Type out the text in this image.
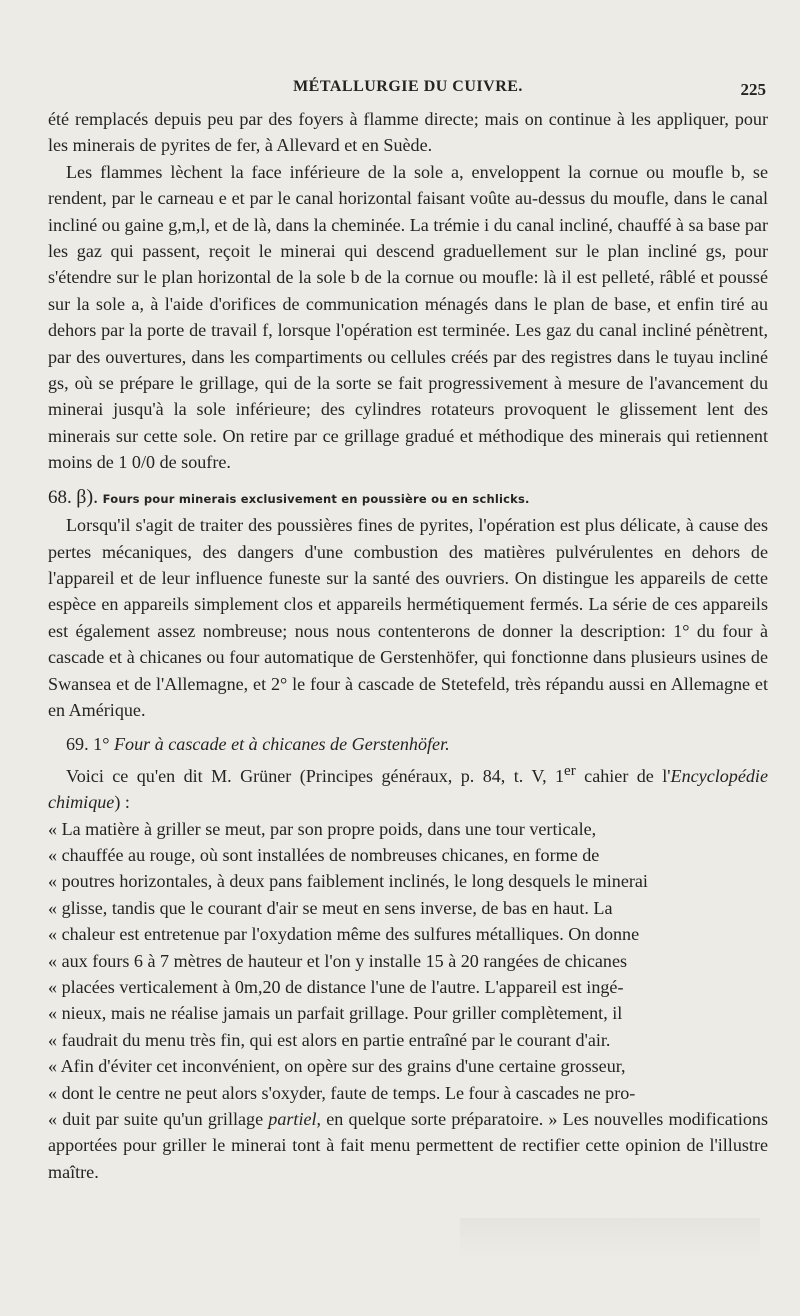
MÉTALLURGIE DU CUIVRE.	225

été remplacés depuis peu par des foyers à flamme directe; mais on continue à les appliquer, pour les minerais de pyrites de fer, à Allevard et en Suède.

Les flammes lèchent la face inférieure de la sole a, enveloppent la cornue ou moufle b, se rendent, par le carneau e et par le canal horizontal faisant voûte au-dessus du moufle, dans le canal incliné ou gaine g,m,l, et de là, dans la cheminée. La trémie i du canal incliné, chauffé à sa base par les gaz qui passent, reçoit le minerai qui descend graduellement sur le plan incliné gs, pour s'étendre sur le plan horizontal de la sole b de la cornue ou moufle: là il est pelleté, râblé et poussé sur la sole a, à l'aide d'orifices de communication ménagés dans le plan de base, et enfin tiré au dehors par la porte de travail f, lorsque l'opération est terminée. Les gaz du canal incliné pénètrent, par des ouvertures, dans les compartiments ou cellules créés par des registres dans le tuyau incliné gs, où se prépare le grillage, qui de la sorte se fait progressivement à mesure de l'avancement du minerai jusqu'à la sole inférieure; des cylindres rotateurs provoquent le glissement lent des minerais sur cette sole. On retire par ce grillage gradué et méthodique des minerais qui retiennent moins de 1 0/0 de soufre.

68. β). Fours pour minerais exclusivement en poussière ou en schlicks.

Lorsqu'il s'agit de traiter des poussières fines de pyrites, l'opération est plus délicate, à cause des pertes mécaniques, des dangers d'une combustion des matières pulvérulentes en dehors de l'appareil et de leur influence funeste sur la santé des ouvriers. On distingue les appareils de cette espèce en appareils simplement clos et appareils hermétiquement fermés. La série de ces appareils est également assez nombreuse; nous nous contenterons de donner la description: 1° du four à cascade et à chicanes ou four automatique de Gerstenhöfer, qui fonctionne dans plusieurs usines de Swansea et de l'Allemagne, et 2° le four à cascade de Stetefeld, très répandu aussi en Allemagne et en Amérique.

69. 1° Four à cascade et à chicanes de Gerstenhöfer.

Voici ce qu'en dit M. Grüner (Principes généraux, p. 84, t. V, 1er cahier de l'Encyclopédie chimique) :

« La matière à griller se meut, par son propre poids, dans une tour verticale,

« chauffée au rouge, où sont installées de nombreuses chicanes, en forme de

« poutres horizontales, à deux pans faiblement inclinés, le long desquels le minerai

« glisse, tandis que le courant d'air se meut en sens inverse, de bas en haut. La

« chaleur est entretenue par l'oxydation même des sulfures métalliques. On donne

« aux fours 6 à 7 mètres de hauteur et l'on y installe 15 à 20 rangées de chicanes

« placées verticalement à 0m,20 de distance l'une de l'autre. L'appareil est ingé-

« nieux, mais ne réalise jamais un parfait grillage. Pour griller complètement, il

« faudrait du menu très fin, qui est alors en partie entraîné par le courant d'air.

« Afin d'éviter cet inconvénient, on opère sur des grains d'une certaine grosseur,

« dont le centre ne peut alors s'oxyder, faute de temps. Le four à cascades ne pro-

« duit par suite qu'un grillage partiel, en quelque sorte préparatoire. » Les nouvelles modifications apportées pour griller le minerai tont à fait menu permettent de rectifier cette opinion de l'illustre maître.
